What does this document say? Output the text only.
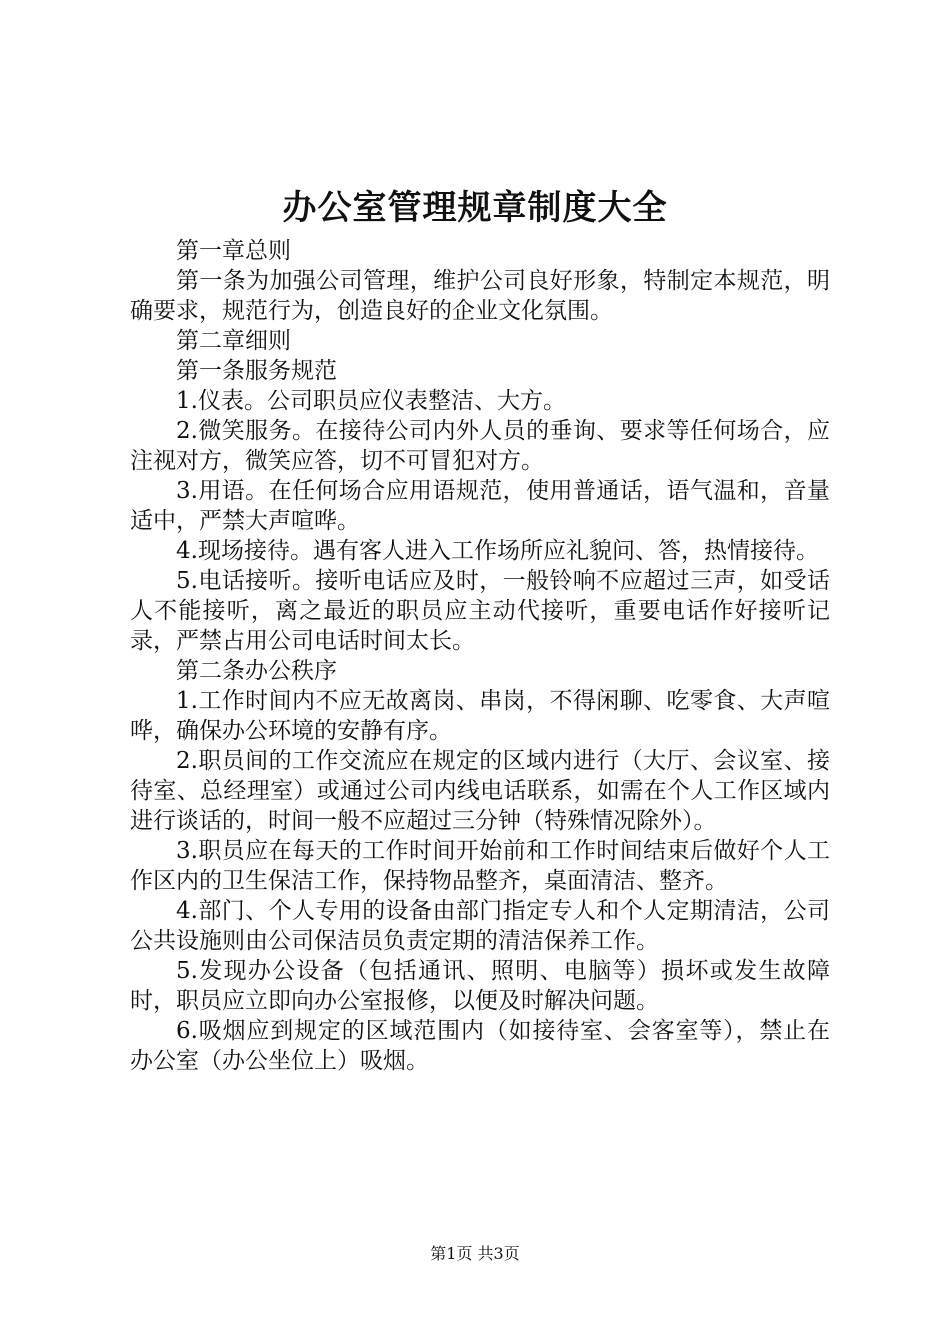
办公室管理规章制度大全

第一章总则

第一条为加强公司管理，维护公司良好形象，特制定本规范，明确要求，规范行为，创造良好的企业文化氛围。

第二章细则

第一条服务规范

1.仪表。公司职员应仪表整洁、大方。

2.微笑服务。在接待公司内外人员的垂询、要求等任何场合，应注视对方，微笑应答，切不可冒犯对方。

3.用语。在任何场合应用语规范，使用普通话，语气温和，音量适中，严禁大声喧哗。

4.现场接待。遇有客人进入工作场所应礼貌问、答，热情接待。

5.电话接听。接听电话应及时，一般铃响不应超过三声，如受话人不能接听，离之最近的职员应主动代接听，重要电话作好接听记录，严禁占用公司电话时间太长。

第二条办公秩序

1.工作时间内不应无故离岗、串岗，不得闲聊、吃零食、大声喧哗，确保办公环境的安静有序。

2.职员间的工作交流应在规定的区域内进行（大厅、会议室、接待室、总经理室）或通过公司内线电话联系，如需在个人工作区域内进行谈话的，时间一般不应超过三分钟（特殊情况除外）。

3.职员应在每天的工作时间开始前和工作时间结束后做好个人工作区内的卫生保洁工作，保持物品整齐，桌面清洁、整齐。

4.部门、个人专用的设备由部门指定专人和个人定期清洁，公司公共设施则由公司保洁员负责定期的清洁保养工作。

5.发现办公设备（包括通讯、照明、电脑等）损坏或发生故障时，职员应立即向办公室报修，以便及时解决问题。

6.吸烟应到规定的区域范围内（如接待室、会客室等），禁止在办公室（办公坐位上）吸烟。

第1页 共3页
